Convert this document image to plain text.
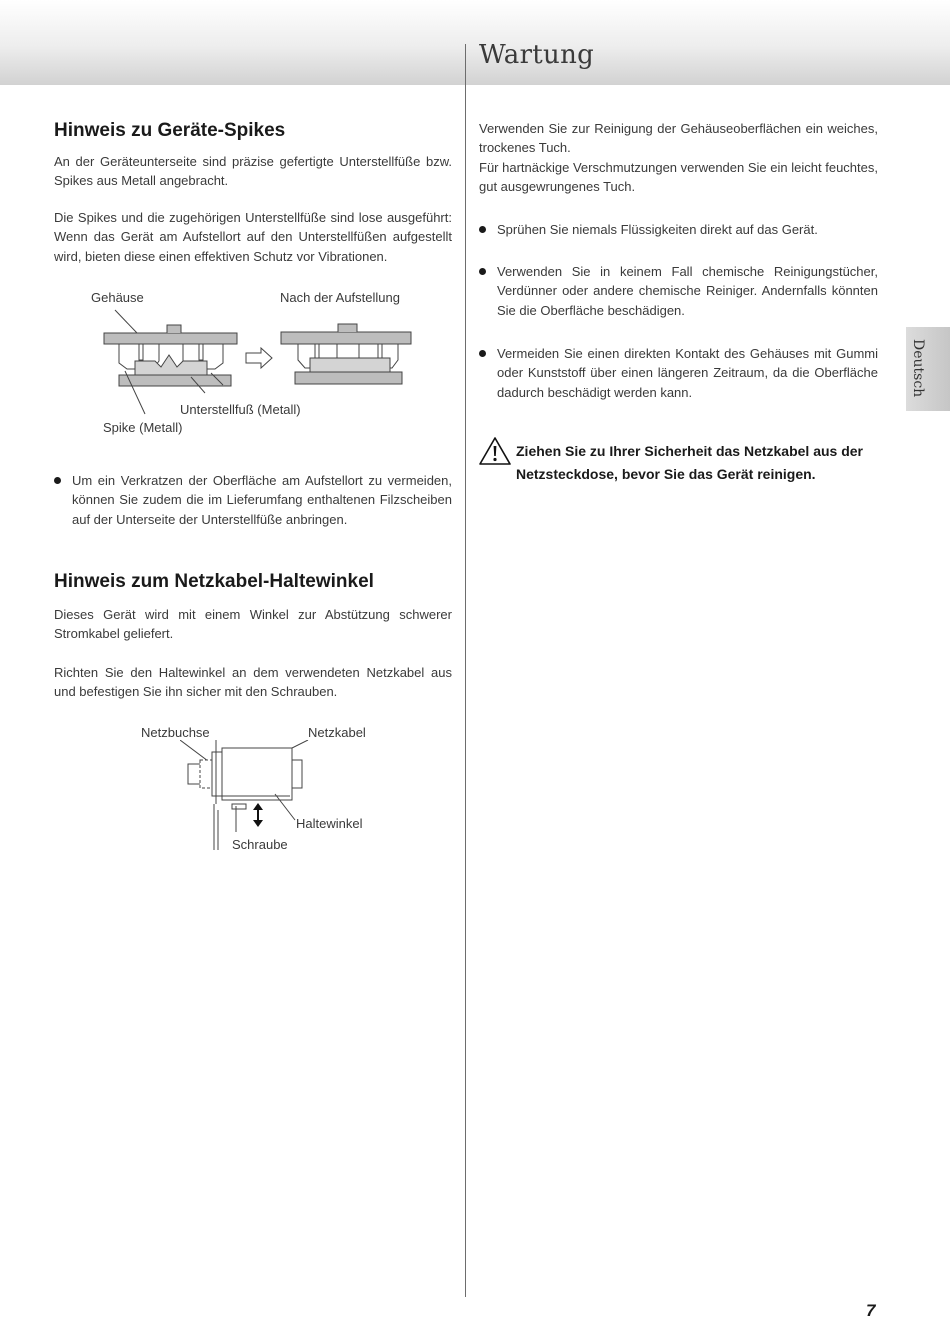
Wartung
Deutsch
Hinweis zu Geräte-Spikes

An der Geräteunterseite sind präzise gefertigte Unterstellfüße bzw. Spikes aus Metall angebracht.

Die Spikes und die zugehörigen Unterstellfüße sind lose ausgeführt: Wenn das Gerät am Aufstellort auf den Unterstellfüßen aufgestellt wird, bieten diese einen effektiven Schutz vor Vibrationen.

Gehäuse	Nach der Aufstellung
Unterstellfuß (Metall)
Spike (Metall)
Um ein Verkratzen der Oberfläche am Aufstellort zu vermeiden, können Sie zudem die im Lieferumfang enthaltenen Filzscheiben auf der Unterseite der Unterstellfüße anbringen.
Hinweis zum Netzkabel-Haltewinkel

Dieses Gerät wird mit einem Winkel zur Abstützung schwerer Stromkabel geliefert.

Richten Sie den Haltewinkel an dem verwendeten Netzkabel aus und befestigen Sie ihn sicher mit den Schrauben.

Netzbuchse	Netzkabel
Haltewinkel
Schraube

Verwenden Sie zur Reinigung der Gehäuseoberflächen ein weiches, trockenes Tuch.

Für hartnäckige Verschmutzungen verwenden Sie ein leicht feuchtes, gut ausgewrungenes Tuch.

Sprühen Sie niemals Flüssigkeiten direkt auf das Gerät.
Verwenden Sie in keinem Fall chemische Reinigungstücher, Verdünner oder andere chemische Reiniger. Andernfalls könnten Sie die Oberfläche beschädigen.
Vermeiden Sie einen direkten Kontakt des Gehäuses mit Gummi oder Kunststoff über einen längeren Zeitraum, da die Oberfläche dadurch beschädigt werden kann.
Ziehen Sie zu Ihrer Sicherheit das Netzkabel aus der Netzsteckdose, bevor Sie das Gerät reinigen.
7
